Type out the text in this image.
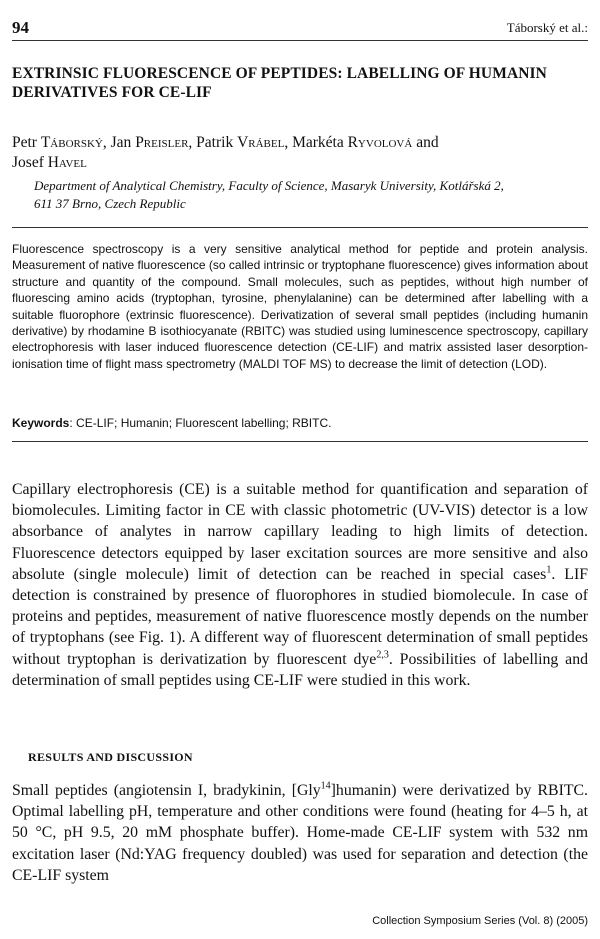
94	Táborský et al.:
EXTRINSIC FLUORESCENCE OF PEPTIDES: LABELLING OF HUMANIN
DERIVATIVES FOR CE-LIF

Petr Táborský, Jan Preisler, Patrik Vrábel, Markéta Ryvolová and
Josef Havel

Department of Analytical Chemistry, Faculty of Science, Masaryk University, Kotlářská 2,
611 37 Brno, Czech Republic

Fluorescence spectroscopy is a very sensitive analytical method for peptide and protein analysis. Measurement of native fluorescence (so called intrinsic or tryptophane fluorescence) gives information about structure and quantity of the compound. Small molecules, such as peptides, without high number of fluorescing amino acids (tryptophan, tyrosine, phenylalanine) can be determined after labelling with a suitable fluorophore (extrinsic fluorescence). Derivatization of several small peptides (including humanin derivative) by rhodamine B isothiocyanate (RBITC) was studied using luminescence spectroscopy, capillary electrophoresis with laser induced fluorescence detection (CE-LIF) and matrix assisted laser desorption-ionisation time of flight mass spectrometry (MALDI TOF MS) to decrease the limit of detection (LOD).

Keywords: CE-LIF; Humanin; Fluorescent labelling; RBITC.

Capillary electrophoresis (CE) is a suitable method for quantification and separation of biomolecules. Limiting factor in CE with classic photometric (UV-VIS) detector is a low absorbance of analytes in narrow capillary leading to high limits of detection. Fluorescence detectors equipped by laser excitation sources are more sensitive and also absolute (single molecule) limit of detection can be reached in special cases$^1$. LIF detection is constrained by presence of fluorophores in studied biomolecule. In case of proteins and peptides, measurement of native fluorescence mostly depends on the number of tryptophans (see Fig. 1). A different way of fluorescent determination of small peptides without tryptophan is derivatization by fluorescent dye$^{2,3}$. Possibilities of labelling and determination of small peptides using CE-LIF were studied in this work.

RESULTS AND DISCUSSION

Small peptides (angiotensin I, bradykinin, [Gly$^{14}$]humanin) were derivatized by RBITC. Optimal labelling pH, temperature and other conditions were found (heating for 4–5 h, at 50 °C, pH 9.5, 20 mM phosphate buffer). Home-made CE-LIF system with 532 nm excitation laser (Nd:YAG frequency doubled) was used for separation and detection (the CE-LIF system

Collection Symposium Series (Vol. 8) (2005)
